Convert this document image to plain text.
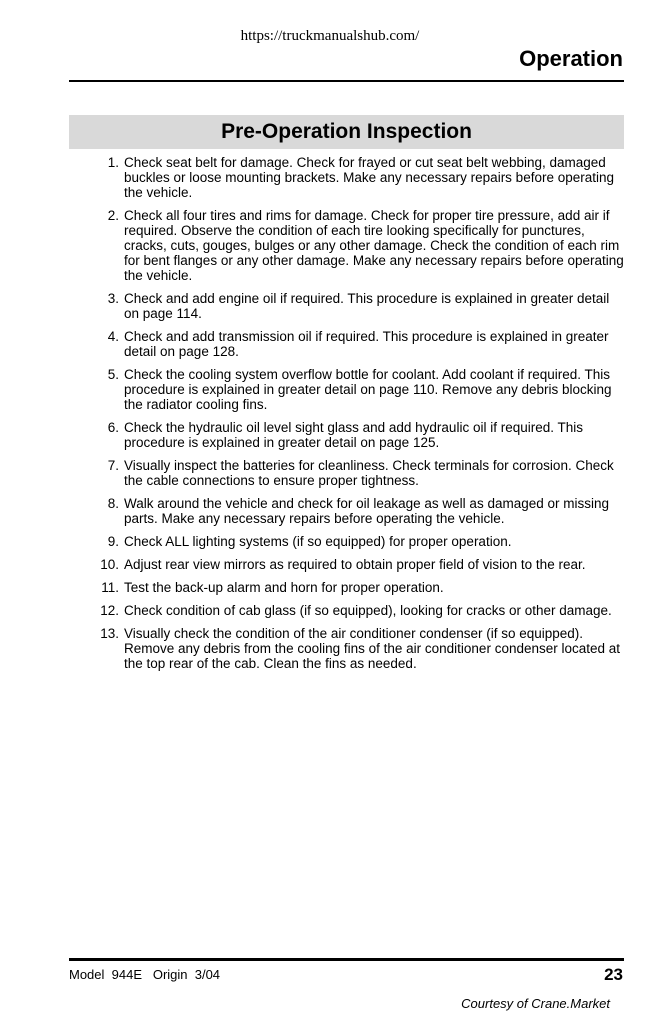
https://truckmanualshub.com/
Operation
Pre-Operation Inspection
1. Check seat belt for damage. Check for frayed or cut seat belt webbing, damaged buckles or loose mounting brackets. Make any necessary repairs before operating the vehicle.
2. Check all four tires and rims for damage. Check for proper tire pressure, add air if required. Observe the condition of each tire looking specifically for punctures, cracks, cuts, gouges, bulges or any other damage. Check the condition of each rim for bent flanges or any other damage. Make any necessary repairs before operating the vehicle.
3. Check and add engine oil if required. This procedure is explained in greater detail on page 114.
4. Check and add transmission oil if required. This procedure is explained in greater detail on page 128.
5. Check the cooling system overflow bottle for coolant. Add coolant if required. This procedure is explained in greater detail on page 110. Remove any debris blocking the radiator cooling fins.
6. Check the hydraulic oil level sight glass and add hydraulic oil if required. This procedure is explained in greater detail on page 125.
7. Visually inspect the batteries for cleanliness. Check terminals for corrosion. Check the cable connections to ensure proper tightness.
8. Walk around the vehicle and check for oil leakage as well as damaged or missing parts. Make any necessary repairs before operating the vehicle.
9. Check ALL lighting systems (if so equipped) for proper operation.
10. Adjust rear view mirrors as required to obtain proper field of vision to the rear.
11. Test the back-up alarm and horn for proper operation.
12. Check condition of cab glass (if so equipped), looking for cracks or other damage.
13. Visually check the condition of the air conditioner condenser (if so equipped). Remove any debris from the cooling fins of the air conditioner condenser located at the top rear of the cab. Clean the fins as needed.
Model  944E   Origin  3/04	23
Courtesy of Crane.Market
